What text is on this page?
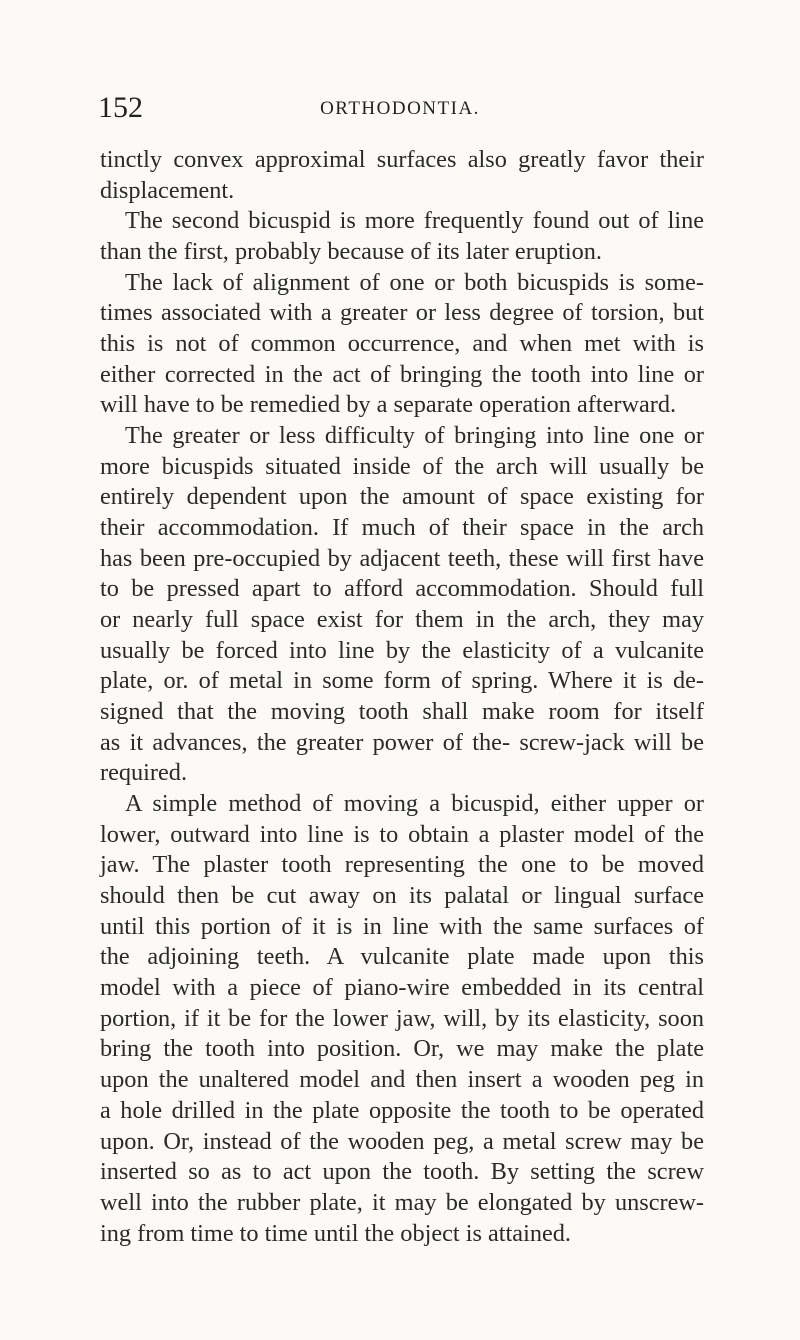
152	ORTHODONTIA.
tinctly convex approximal surfaces also greatly favor their
displacement.
The second bicuspid is more frequently found out of line
than the first, probably because of its later eruption.
The lack of alignment of one or both bicuspids is some-
times associated with a greater or less degree of torsion, but
this is not of common occurrence, and when met with is
either corrected in the act of bringing the tooth into line or
will have to be remedied by a separate operation afterward.
The greater or less difficulty of bringing into line one or
more bicuspids situated inside of the arch will usually be
entirely dependent upon the amount of space existing for
their accommodation. If much of their space in the arch
has been pre-occupied by adjacent teeth, these will first have
to be pressed apart to afford accommodation. Should full
or nearly full space exist for them in the arch, they may
usually be forced into line by the elasticity of a vulcanite
plate, or. of metal in some form of spring. Where it is de-
signed that the moving tooth shall make room for itself
as it advances, the greater power of the- screw-jack will be
required.
A simple method of moving a bicuspid, either upper or
lower, outward into line is to obtain a plaster model of the
jaw. The plaster tooth representing the one to be moved
should then be cut away on its palatal or lingual surface
until this portion of it is in line with the same surfaces of
the adjoining teeth. A vulcanite plate made upon this
model with a piece of piano-wire embedded in its central
portion, if it be for the lower jaw, will, by its elasticity, soon
bring the tooth into position. Or, we may make the plate
upon the unaltered model and then insert a wooden peg in
a hole drilled in the plate opposite the tooth to be operated
upon. Or, instead of the wooden peg, a metal screw may be
inserted so as to act upon the tooth. By setting the screw
well into the rubber plate, it may be elongated by unscrew-
ing from time to time until the object is attained.
